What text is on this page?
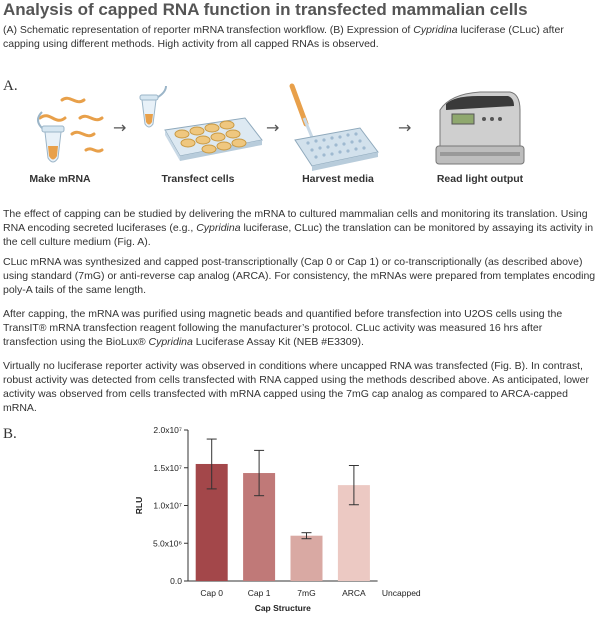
Analysis of capped RNA function in transfected mammalian cells
(A) Schematic representation of reporter mRNA transfection workflow. (B) Expression of Cypridina luciferase (CLuc) after capping using different methods. High activity from all capped RNAs is observed.
A.
→	→	→
Make mRNA	Transfect cells	Harvest media	Read light output

The effect of capping can be studied by delivering the mRNA to cultured mammalian cells and monitoring its translation. Using RNA encoding secreted luciferases (e.g., Cypridina luciferase, CLuc) the translation can be monitored by assaying its activity in the cell culture medium (Fig. A).

CLuc mRNA was synthesized and capped post-transcriptionally (Cap 0 or Cap 1) or co-transcriptionally (as described above) using standard (7mG) or anti-reverse cap analog (ARCA). For consistency, the mRNAs were prepared from templates encoding poly-A tails of the same length.

After capping, the mRNA was purified using magnetic beads and quantified before transfection into U2OS cells using the TransIT® mRNA transfection reagent following the manufacturer’s protocol. CLuc activity was measured 16 hrs after transfection using the BioLux® Cypridina Luciferase Assay Kit (NEB #E3309).

Virtually no luciferase reporter activity was observed in conditions where uncapped RNA was transfected (Fig. B). In contrast, robust activity was detected from cells transfected with RNA capped using the methods described above. As anticipated, lower activity was observed from cells transfected with mRNA capped using the 7mG cap analog as compared to ARCA-capped mRNA.

B.
0.0
5.0x10⁶
1.0x10⁷
1.5x10⁷
2.0x10⁷
Cap 0	Cap 1	7mG	ARCA Uncapped
Cap Structure
RLU
